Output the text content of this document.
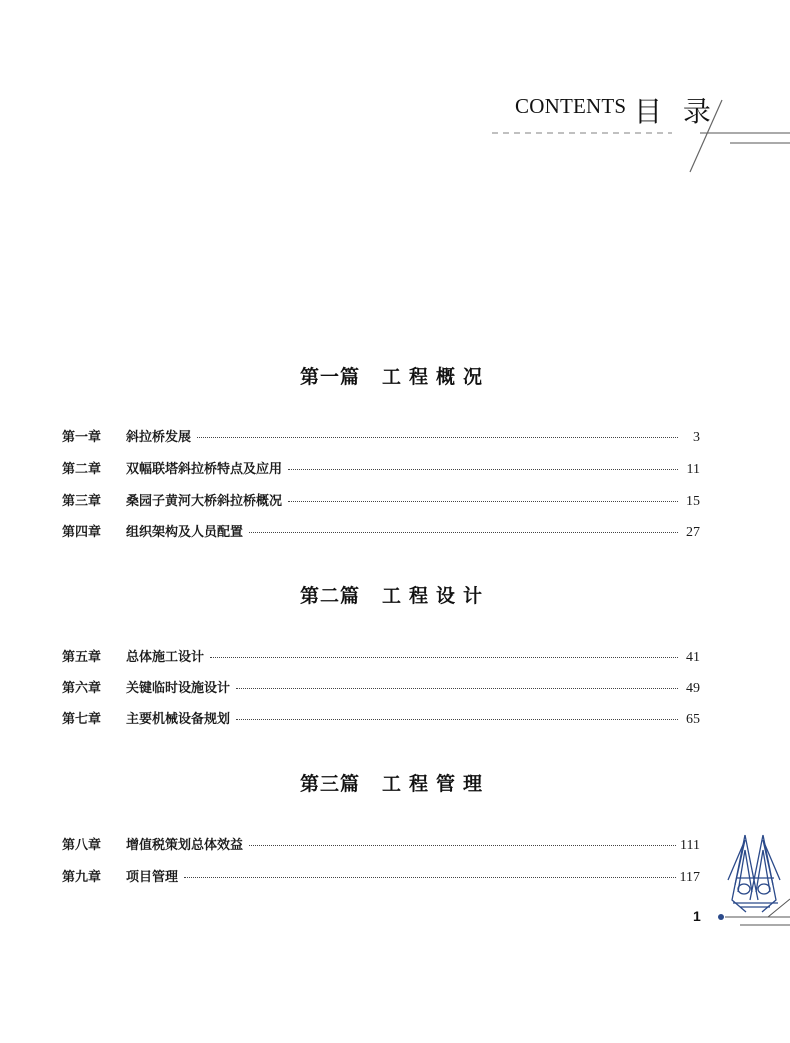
CONTENTS 目 录
第一篇 工程概况
第一章	斜拉桥发展	3
第二章	双幅联塔斜拉桥特点及应用	11
第三章	桑园子黄河大桥斜拉桥概况	15
第四章	组织架构及人员配置	27
第二篇 工程设计
第五章	总体施工设计	41
第六章	关键临时设施设计	49
第七章	主要机械设备规划	65
第三篇 工程管理
第八章	增值税策划总体效益	111
第九章	项目管理	117
1
